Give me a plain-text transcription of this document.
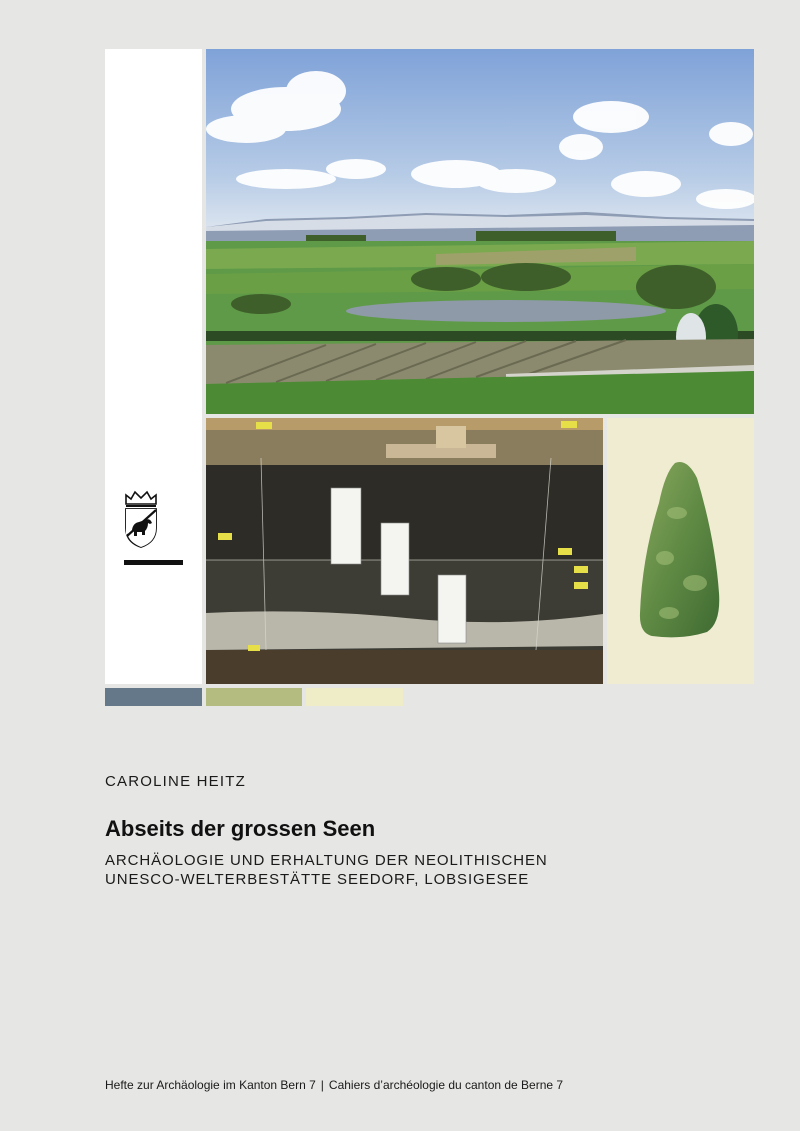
CAROLINE HEITZ
Abseits der grossen Seen
ARCHÄOLOGIE UND ERHALTUNG DER NEOLITHISCHEN
UNESCO-WELTERBESTÄTTE SEEDORF, LOBSIGESEE
Hefte zur Archäologie im Kanton Bern 7 | Cahiers d’archéologie du canton de Berne 7
